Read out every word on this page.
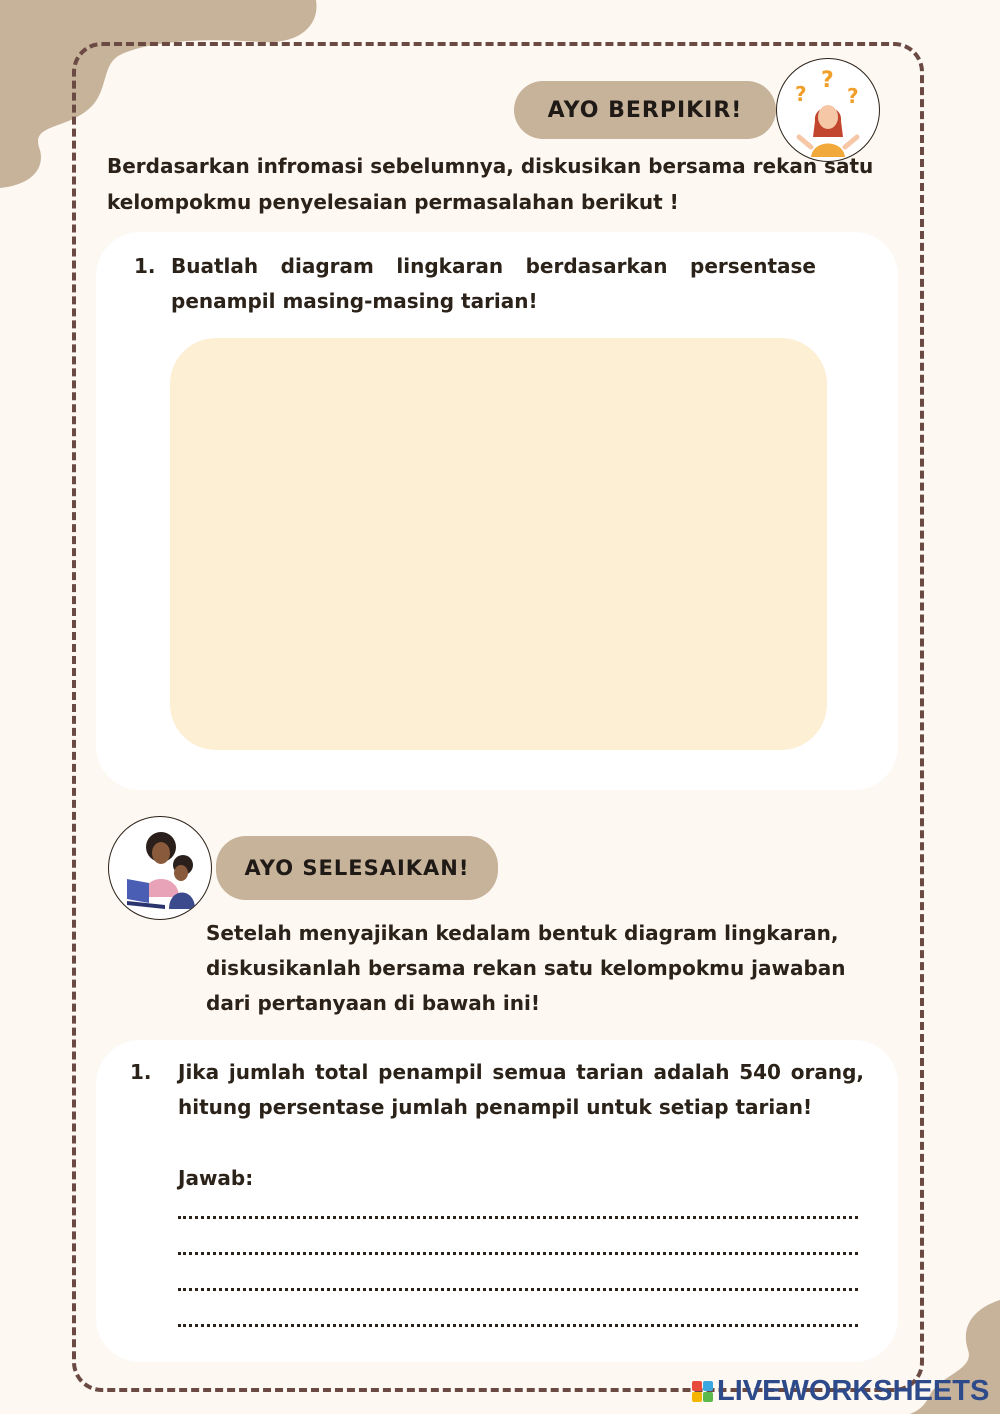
AYO BERPIKIR!
?
?
?

Berdasarkan infromasi sebelumnya, diskusikan bersama rekan satu kelompokmu penyelesaian permasalahan berikut !

1. Buatlah diagram lingkaran berdasarkan persentase penampil masing-masing tarian!
AYO SELESAIKAN!

Setelah menyajikan kedalam bentuk diagram lingkaran, diskusikanlah bersama rekan satu kelompokmu jawaban dari pertanyaan di bawah ini!

1. Jika jumlah total penampil semua tarian adalah 540 orang, hitung persentase jumlah penampil untuk setiap tarian!
Jawab:
LIVEWORKSHEETS
